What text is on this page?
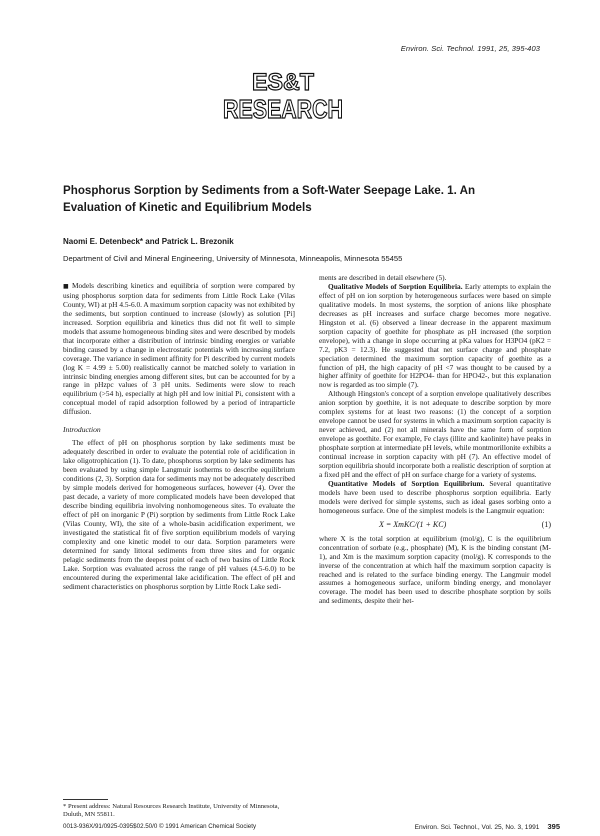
Environ. Sci. Technol. 1991, 25, 395-403
ES&T
RESEARCH
Phosphorus Sorption by Sediments from a Soft-Water Seepage Lake. 1. An
Evaluation of Kinetic and Equilibrium Models
Naomi E. Detenbeck* and Patrick L. Brezonik
Department of Civil and Mineral Engineering, University of Minnesota, Minneapolis, Minnesota 55455

■ Models describing kinetics and equilibria of sorption were compared by using phosphorus sorption data for sediments from Little Rock Lake (Vilas County, WI) at pH 4.5-6.0. A maximum sorption capacity was not exhibited by the sediments, but sorption continued to increase (slowly) as solution [Pi] increased. Sorption equilibria and kinetics thus did not fit well to simple models that assume homogeneous binding sites and were described by models that incorporate either a distribution of intrinsic binding energies or variable binding caused by a change in electrostatic potentials with increasing surface coverage. The variance in sediment affinity for Pi described by current models (log K = 4.99 ± 5.00) realistically cannot be matched solely to variation in intrinsic binding energies among different sites, but can be accounted for by a range in pHzpc values of 3 pH units. Sediments were slow to reach equilibrium (>54 h), especially at high pH and low initial Pi, consistent with a conceptual model of rapid adsorption followed by a period of intraparticle diffusion.

Introduction

The effect of pH on phosphorus sorption by lake sediments must be adequately described in order to evaluate the potential role of acidification in lake oligotrophication (1). To date, phosphorus sorption by lake sediments has been evaluated by using simple Langmuir isotherms to describe equilibrium conditions (2, 3). Sorption data for sediments may not be adequately described by simple models derived for homogeneous surfaces, however (4). Over the past decade, a variety of more complicated models have been developed that describe binding equilibria involving nonhomogeneous sites. To evaluate the effect of pH on inorganic P (Pi) sorption by sediments from Little Rock Lake (Vilas County, WI), the site of a whole-basin acidification experiment, we investigated the statistical fit of five sorption equilibrium models of varying complexity and one kinetic model to our data. Sorption parameters were determined for sandy littoral sediments from three sites and for organic pelagic sediments from the deepest point of each of two basins of Little Rock Lake. Sorption was evaluated across the range of pH values (4.5-6.0) to be encountered during the experimental lake acidification. The effect of pH and sediment characteristics on phosphorus sorption by Little Rock Lake sedi-

* Present address: Natural Resources Research Institute, University of Minnesota, Duluth, MN 55811.

ments are described in detail elsewhere (5).

Qualitative Models of Sorption Equilibria. Early attempts to explain the effect of pH on ion sorption by heterogeneous surfaces were based on simple qualitative models. In most systems, the sorption of anions like phosphate decreases as pH increases and surface charge becomes more negative. Hingston et al. (6) observed a linear decrease in the apparent maximum sorption capacity of goethite for phosphate as pH increased (the sorption envelope), with a change in slope occurring at pKa values for H3PO4 (pK2 = 7.2, pK3 = 12.3). He suggested that net surface charge and phosphate speciation determined the maximum sorption capacity of goethite as a function of pH, the high capacity of pH <7 was thought to be caused by a higher affinity of goethite for H2PO4- than for HPO42-, but this explanation now is regarded as too simple (7).

Although Hingston's concept of a sorption envelope qualitatively describes anion sorption by goethite, it is not adequate to describe sorption by more complex systems for at least two reasons: (1) the concept of a sorption envelope cannot be used for systems in which a maximum sorption capacity is never achieved, and (2) not all minerals have the same form of sorption envelope as goethite. For example, Fe clays (illite and kaolinite) have peaks in phosphate sorption at intermediate pH levels, while montmorillonite exhibits a continual increase in sorption capacity with pH (7). An effective model of sorption equilibria should incorporate both a realistic description of sorption at a fixed pH and the effect of pH on surface charge for a variety of systems.

Quantitative Models of Sorption Equilibrium. Several quantitative models have been used to describe phosphorus sorption equilibria. Early models were derived for simple systems, such as ideal gases sorbing onto a homogeneous surface. One of the simplest models is the Langmuir equation:

X = XmKC/(1 + KC)	(1)

where X is the total sorption at equilibrium (mol/g), C is the equilibrium concentration of sorbate (e.g., phosphate) (M), K is the binding constant (M-1), and Xm is the maximum sorption capacity (mol/g). K corresponds to the inverse of the concentration at which half the maximum sorption capacity is reached and is related to the surface binding energy. The Langmuir model assumes a homogeneous surface, uniform binding energy, and monolayer coverage. The model has been used to describe phosphate sorption by soils and sediments, despite their het-

0013-936X/91/0925-0395$02.50/0 © 1991 American Chemical Society	Environ. Sci. Technol., Vol. 25, No. 3, 1991 395
